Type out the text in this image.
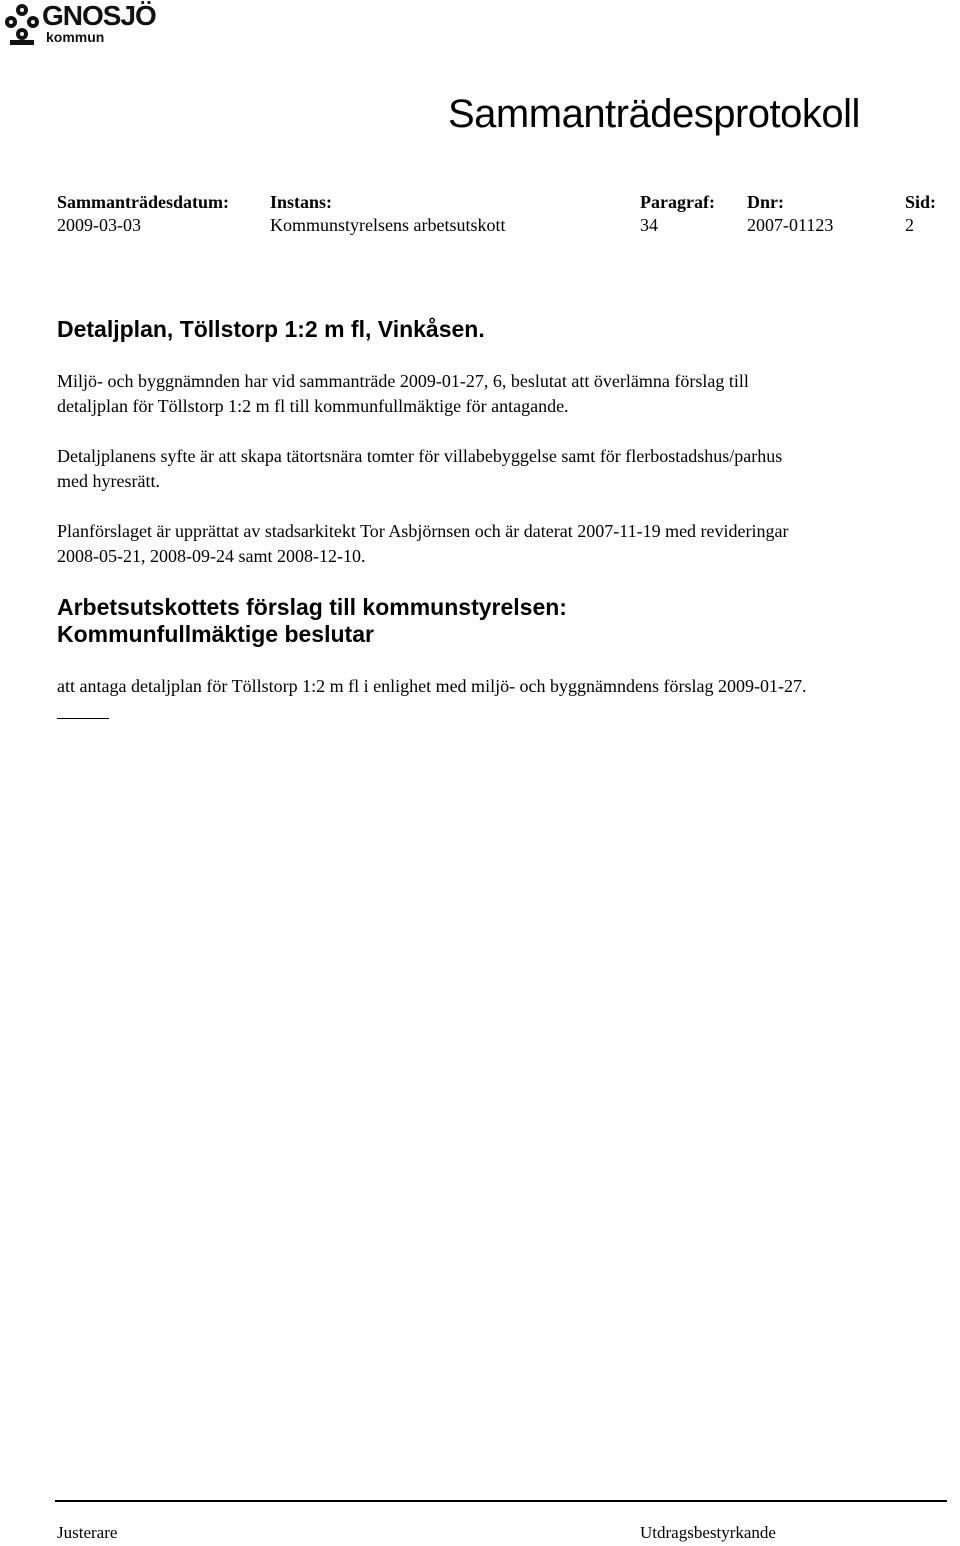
GNOSJÖ
kommun
Sammanträdesprotokoll
Sammanträdesdatum:
2009-03-03
Instans:
Kommunstyrelsens arbetsutskott
Paragraf:
34
Dnr:
2007-01123
Sid:
2
Detaljplan, Töllstorp 1:2 m fl, Vinkåsen.
Miljö- och byggnämnden har vid sammanträde 2009-01-27, 6, beslutat att överlämna förslag till
detaljplan för Töllstorp 1:2 m fl till kommunfullmäktige för antagande.
Detaljplanens syfte är att skapa tätortsnära tomter för villabebyggelse samt för flerbostadshus/parhus
med hyresrätt.
Planförslaget är upprättat av stadsarkitekt Tor Asbjörnsen och är daterat 2007-11-19 med revideringar
2008-05-21, 2008-09-24 samt 2008-12-10.
Arbetsutskottets förslag till kommunstyrelsen:
Kommunfullmäktige beslutar
att antaga detaljplan för Töllstorp 1:2 m fl i enlighet med miljö- och byggnämndens förslag 2009-01-27.
Justerare	Utdragsbestyrkande
